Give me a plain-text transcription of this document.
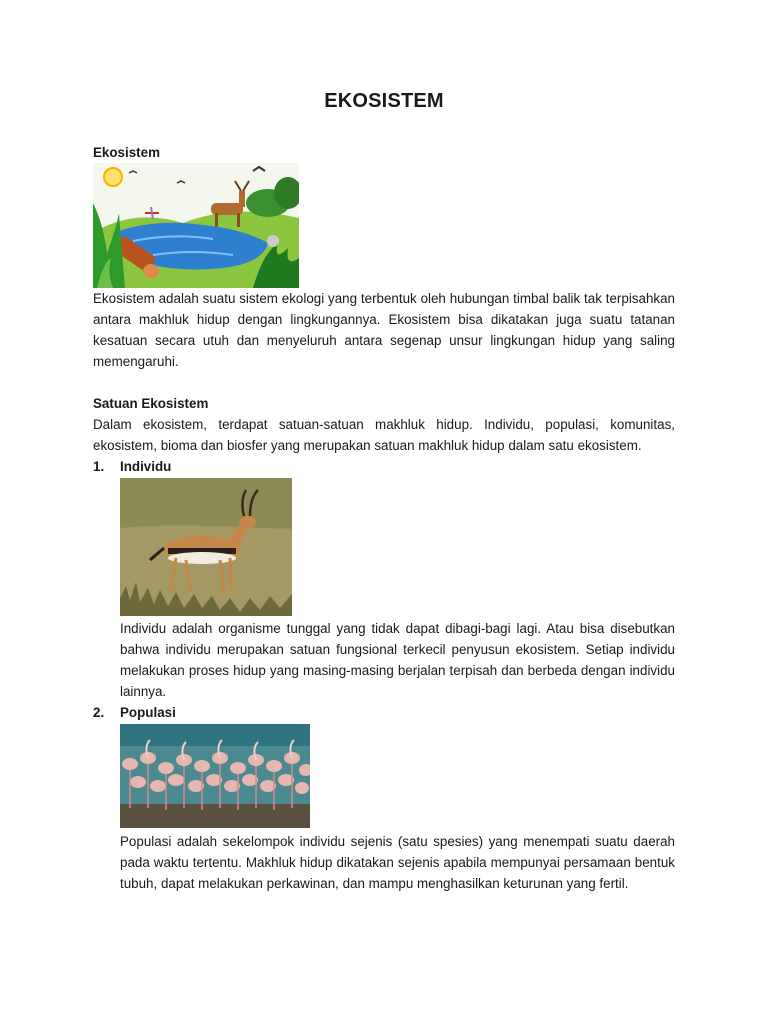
EKOSISTEM

Ekosistem

Ekosistem adalah suatu sistem ekologi yang terbentuk oleh hubungan timbal balik tak terpisahkan antara makhluk hidup dengan lingkungannya. Ekosistem bisa dikatakan juga suatu tatanan kesatuan secara utuh dan menyeluruh antara segenap unsur lingkungan hidup yang saling memengaruhi.

Satuan Ekosistem

Dalam ekosistem, terdapat satuan-satuan makhluk hidup. Individu, populasi, komunitas, ekosistem, bioma dan biosfer yang merupakan satuan makhluk hidup dalam satu ekosistem.

1.	Individu

Individu adalah organisme tunggal yang tidak dapat dibagi-bagi lagi. Atau bisa disebutkan bahwa individu merupakan satuan fungsional terkecil penyusun ekosistem. Setiap individu melakukan proses hidup yang masing-masing berjalan terpisah dan berbeda dengan individu lainnya.

2.	Populasi

Populasi adalah sekelompok individu sejenis (satu spesies) yang menempati suatu daerah pada waktu tertentu. Makhluk hidup dikatakan sejenis apabila mempunyai persamaan bentuk tubuh, dapat melakukan perkawinan, dan mampu menghasilkan keturunan yang fertil.
